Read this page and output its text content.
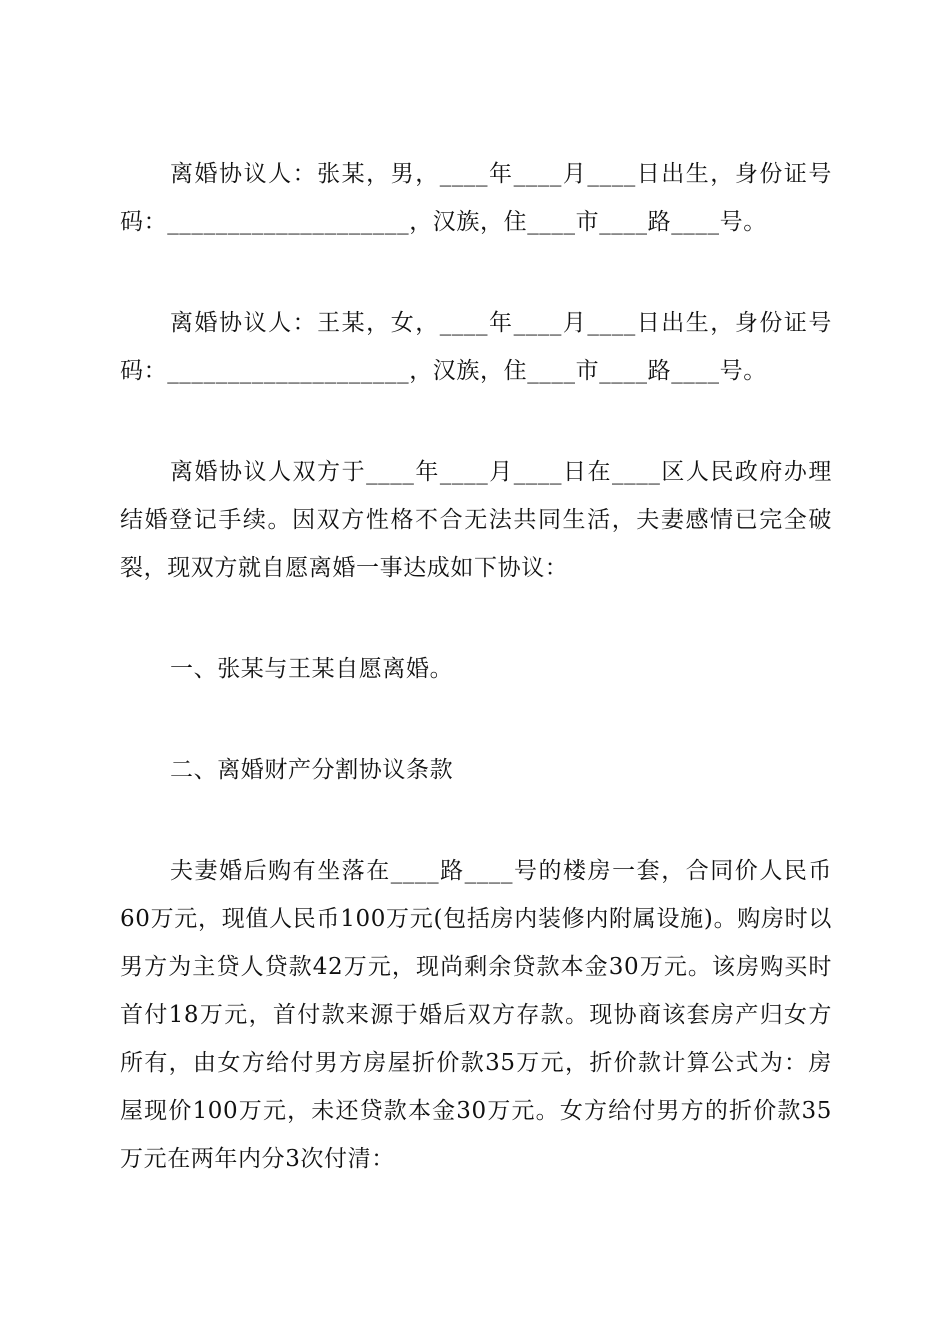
离婚协议人：张某，男，____年____月____日出生，身份证号码：____________________，汉族，住____市____路____号。

离婚协议人：王某，女，____年____月____日出生，身份证号码：____________________，汉族，住____市____路____号。

离婚协议人双方于____年____月____日在____区人民政府办理结婚登记手续。因双方性格不合无法共同生活，夫妻感情已完全破裂，现双方就自愿离婚一事达成如下协议：

一、张某与王某自愿离婚。

二、离婚财产分割协议条款

夫妻婚后购有坐落在____路____号的楼房一套，合同价人民币60万元，现值人民币100万元(包括房内装修内附属设施)。购房时以男方为主贷人贷款42万元，现尚剩余贷款本金30万元。该房购买时首付18万元，首付款来源于婚后双方存款。现协商该套房产归女方所有，由女方给付男方房屋折价款35万元，折价款计算公式为：房屋现价100万元，未还贷款本金30万元。女方给付男方的折价款35万元在两年内分3次付清：
